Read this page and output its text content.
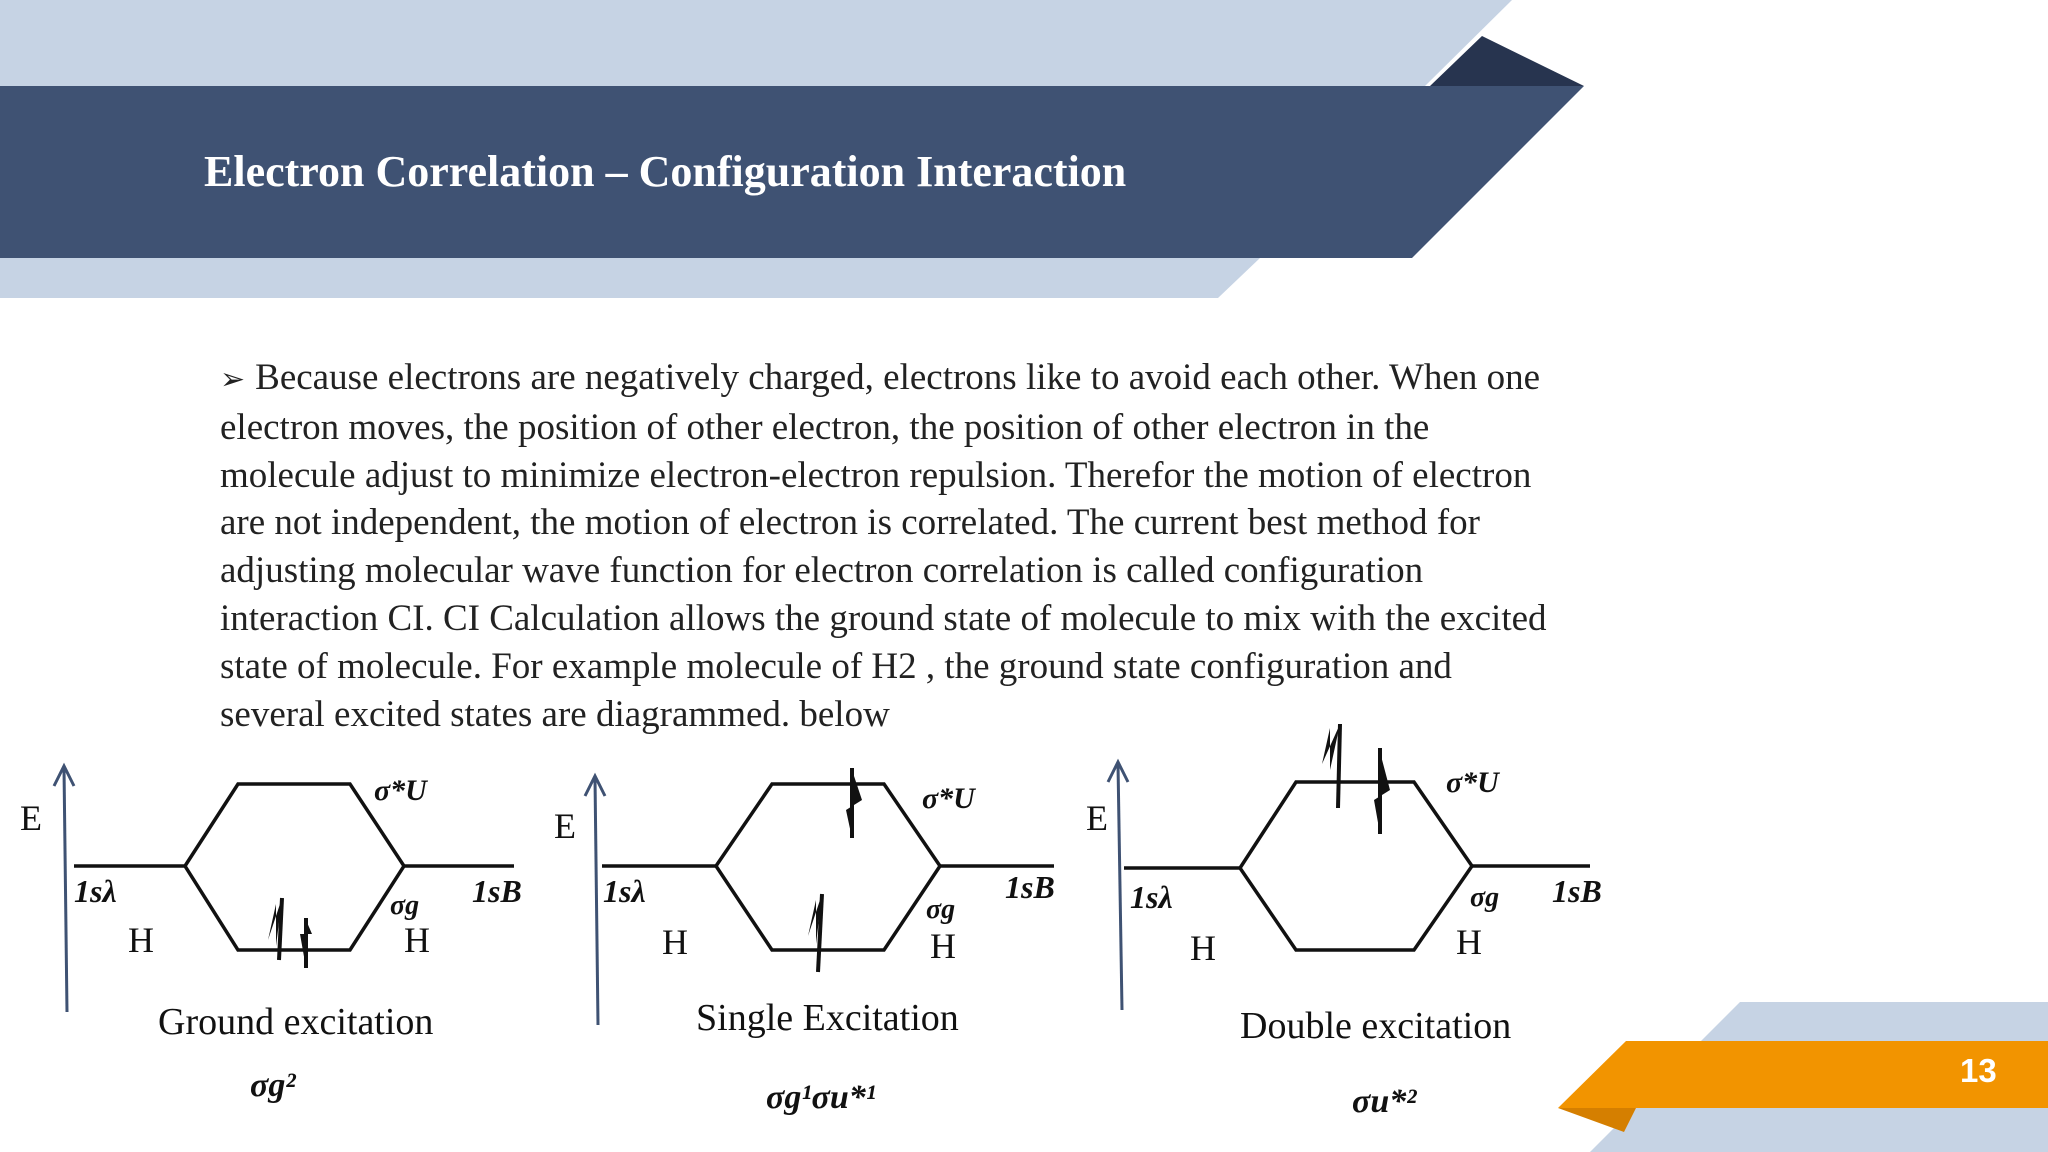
Electron Correlation – Configuration Interaction
➢ Because electrons are negatively charged, electrons like to avoid each other. When one electron moves, the position of other electron, the position of other electron in the molecule adjust to minimize electron-electron repulsion. Therefor the motion of electron are not independent, the motion of electron is correlated. The current best method for adjusting molecular wave function for electron correlation is called configuration interaction CI. CI Calculation allows the ground state of molecule to mix with the excited state of molecule. For example molecule of H2 , the ground state configuration and several excited states are diagrammed. below
13
E
1sλ	1sB
H	H
σ*U
σg
Ground excitation
σg²
E
1sλ	1sB
H	H
σ*U
σg
Single Excitation
σg¹σu*¹
E
1sλ	1sB
H	H
σ*U
σg
Double excitation
σu*²
